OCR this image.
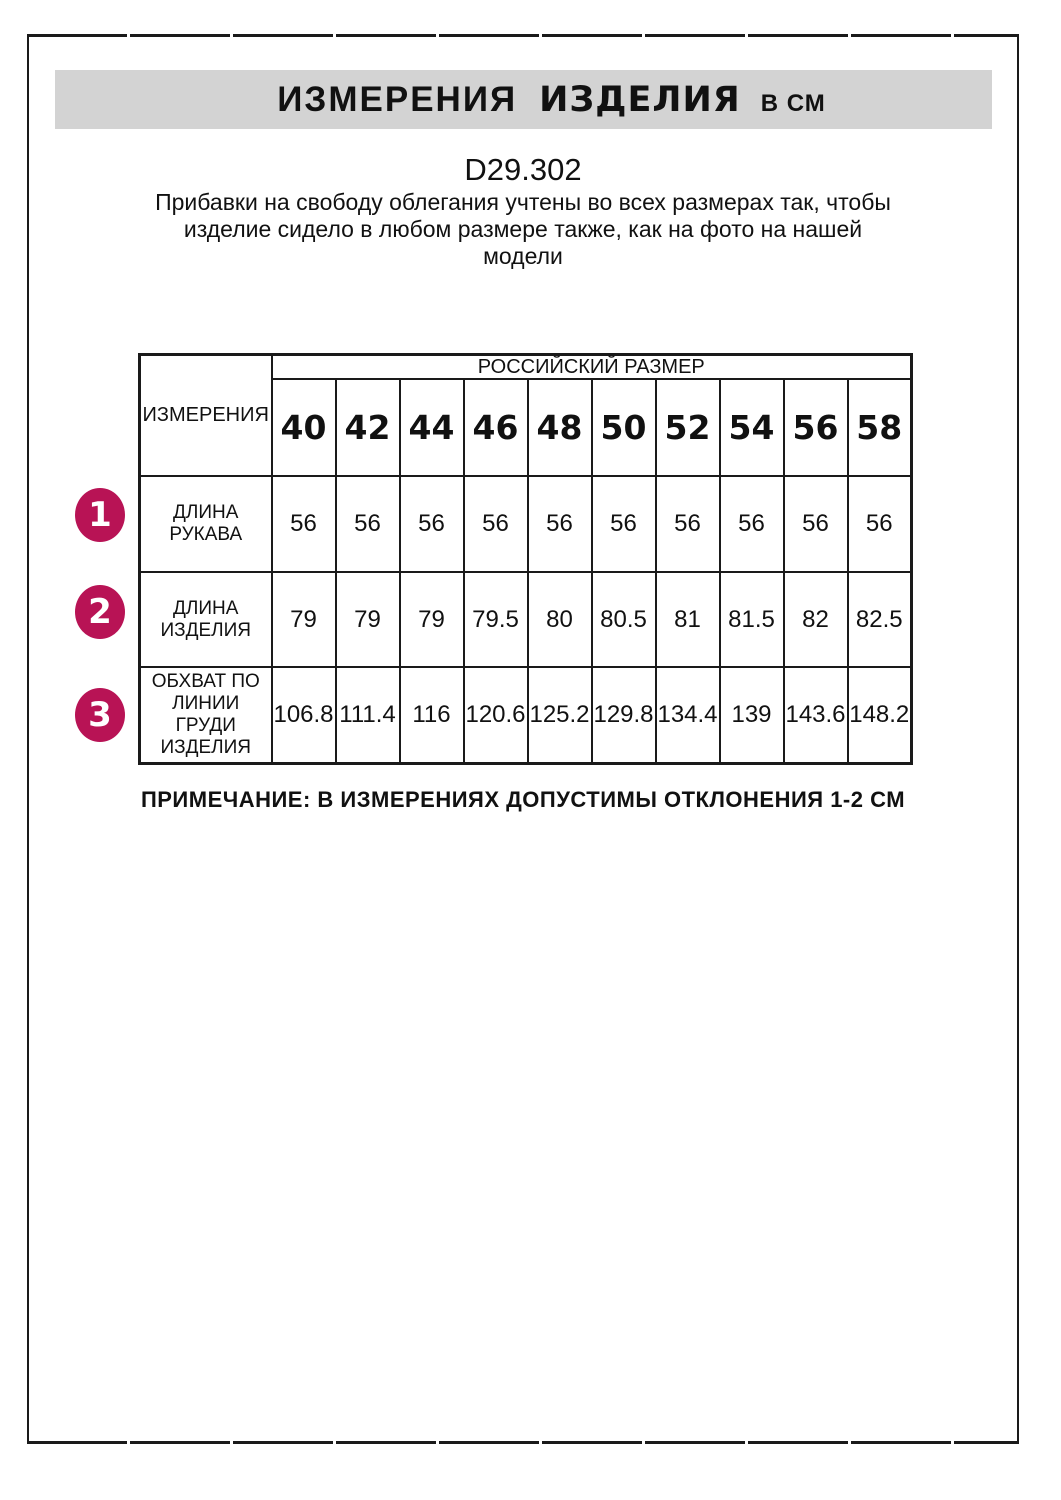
ИЗМЕРЕНИЯ ИЗДЕЛИЯ В СМ
D29.302
Прибавки на свободу облегания учтены во всех размерах так, чтобы
изделие сидело в любом размере также, как на фото на нашей
модели
ИЗМЕРЕНИЯ	РОССИЙСКИЙ РАЗМЕР									
	40	42	44	46	48	50	52	54	56	58
ДЛИНА РУКАВА	56	56	56	56	56	56	56	56	56	56
ДЛИНА ИЗДЕЛИЯ	79	79	79	79.5	80	80.5	81	81.5	82	82.5
ОБХВАТ ПО ЛИНИИ ГРУДИ ИЗДЕЛИЯ	106.8	111.4	116	120.6	125.2	129.8	134.4	139	143.6	148.2
1
2
3
ПРИМЕЧАНИЕ: В ИЗМЕРЕНИЯХ ДОПУСТИМЫ ОТКЛОНЕНИЯ 1-2 СМ
